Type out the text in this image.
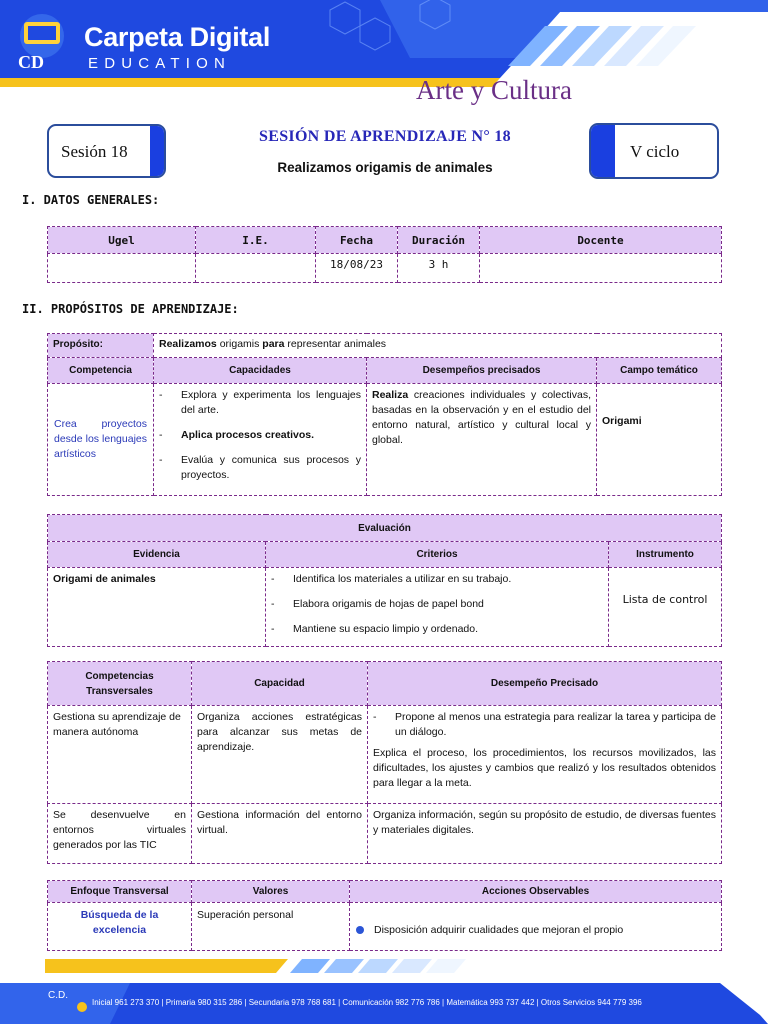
Carpeta Digital
EDUCATION
CD
Arte y Cultura
Sesión 18	V ciclo
SESIÓN DE APRENDIZAJE N° 18
Realizamos origamis de animales
I. DATOS GENERALES:
Ugel	I.E.	Fecha	Duración	Docente
		18/08/23	3 h	
II. PROPÓSITOS DE APRENDIZAJE:
Propósito:	Realizamos origamis para representar animales		
Competencia	Capacidades	Desempeños precisados	Campo temático
Crea proyectos desde los lenguajes artísticos	- Explora y experimenta los lenguajes del arte.
- Aplica procesos creativos.
- Evalúa y comunica sus procesos y proyectos.	Realiza creaciones individuales y colectivas, basadas en la observación y en el estudio del entorno natural, artístico y cultural local y global.	Origami
Evaluación		
Evidencia	Criterios	Instrumento
Origami de animales	- Identifica los materiales a utilizar en su trabajo.
- Elabora origamis de hojas de papel bond
- Mantiene su espacio limpio y ordenado.	Lista de control
Competencias Transversales	Capacidad	Desempeño Precisado
Gestiona su aprendizaje de manera autónoma	Organiza acciones estratégicas para alcanzar sus metas de aprendizaje.	- Propone al menos una estrategia para realizar la tarea y participa de un diálogo.
Explica el proceso, los procedimientos, los recursos movilizados, las dificultades, los ajustes y cambios que realizó y los resultados obtenidos para llegar a la meta.

Se desenvuelve en entornos virtuales generados por las TIC	Gestiona información del entorno virtual.	Organiza información, según su propósito de estudio, de diversas fuentes y materiales digitales.
Enfoque Transversal	Valores	Acciones Observables
Búsqueda de la excelencia	Superación personal	Disposición adquirir cualidades que mejoran el propio
C.D.
Inicial 961 273 370 | Primaria 980 315 286 | Secundaria 978 768 681 | Comunicación 982 776 786 | Matemática 993 737 442 | Otros Servicios 944 779 396
